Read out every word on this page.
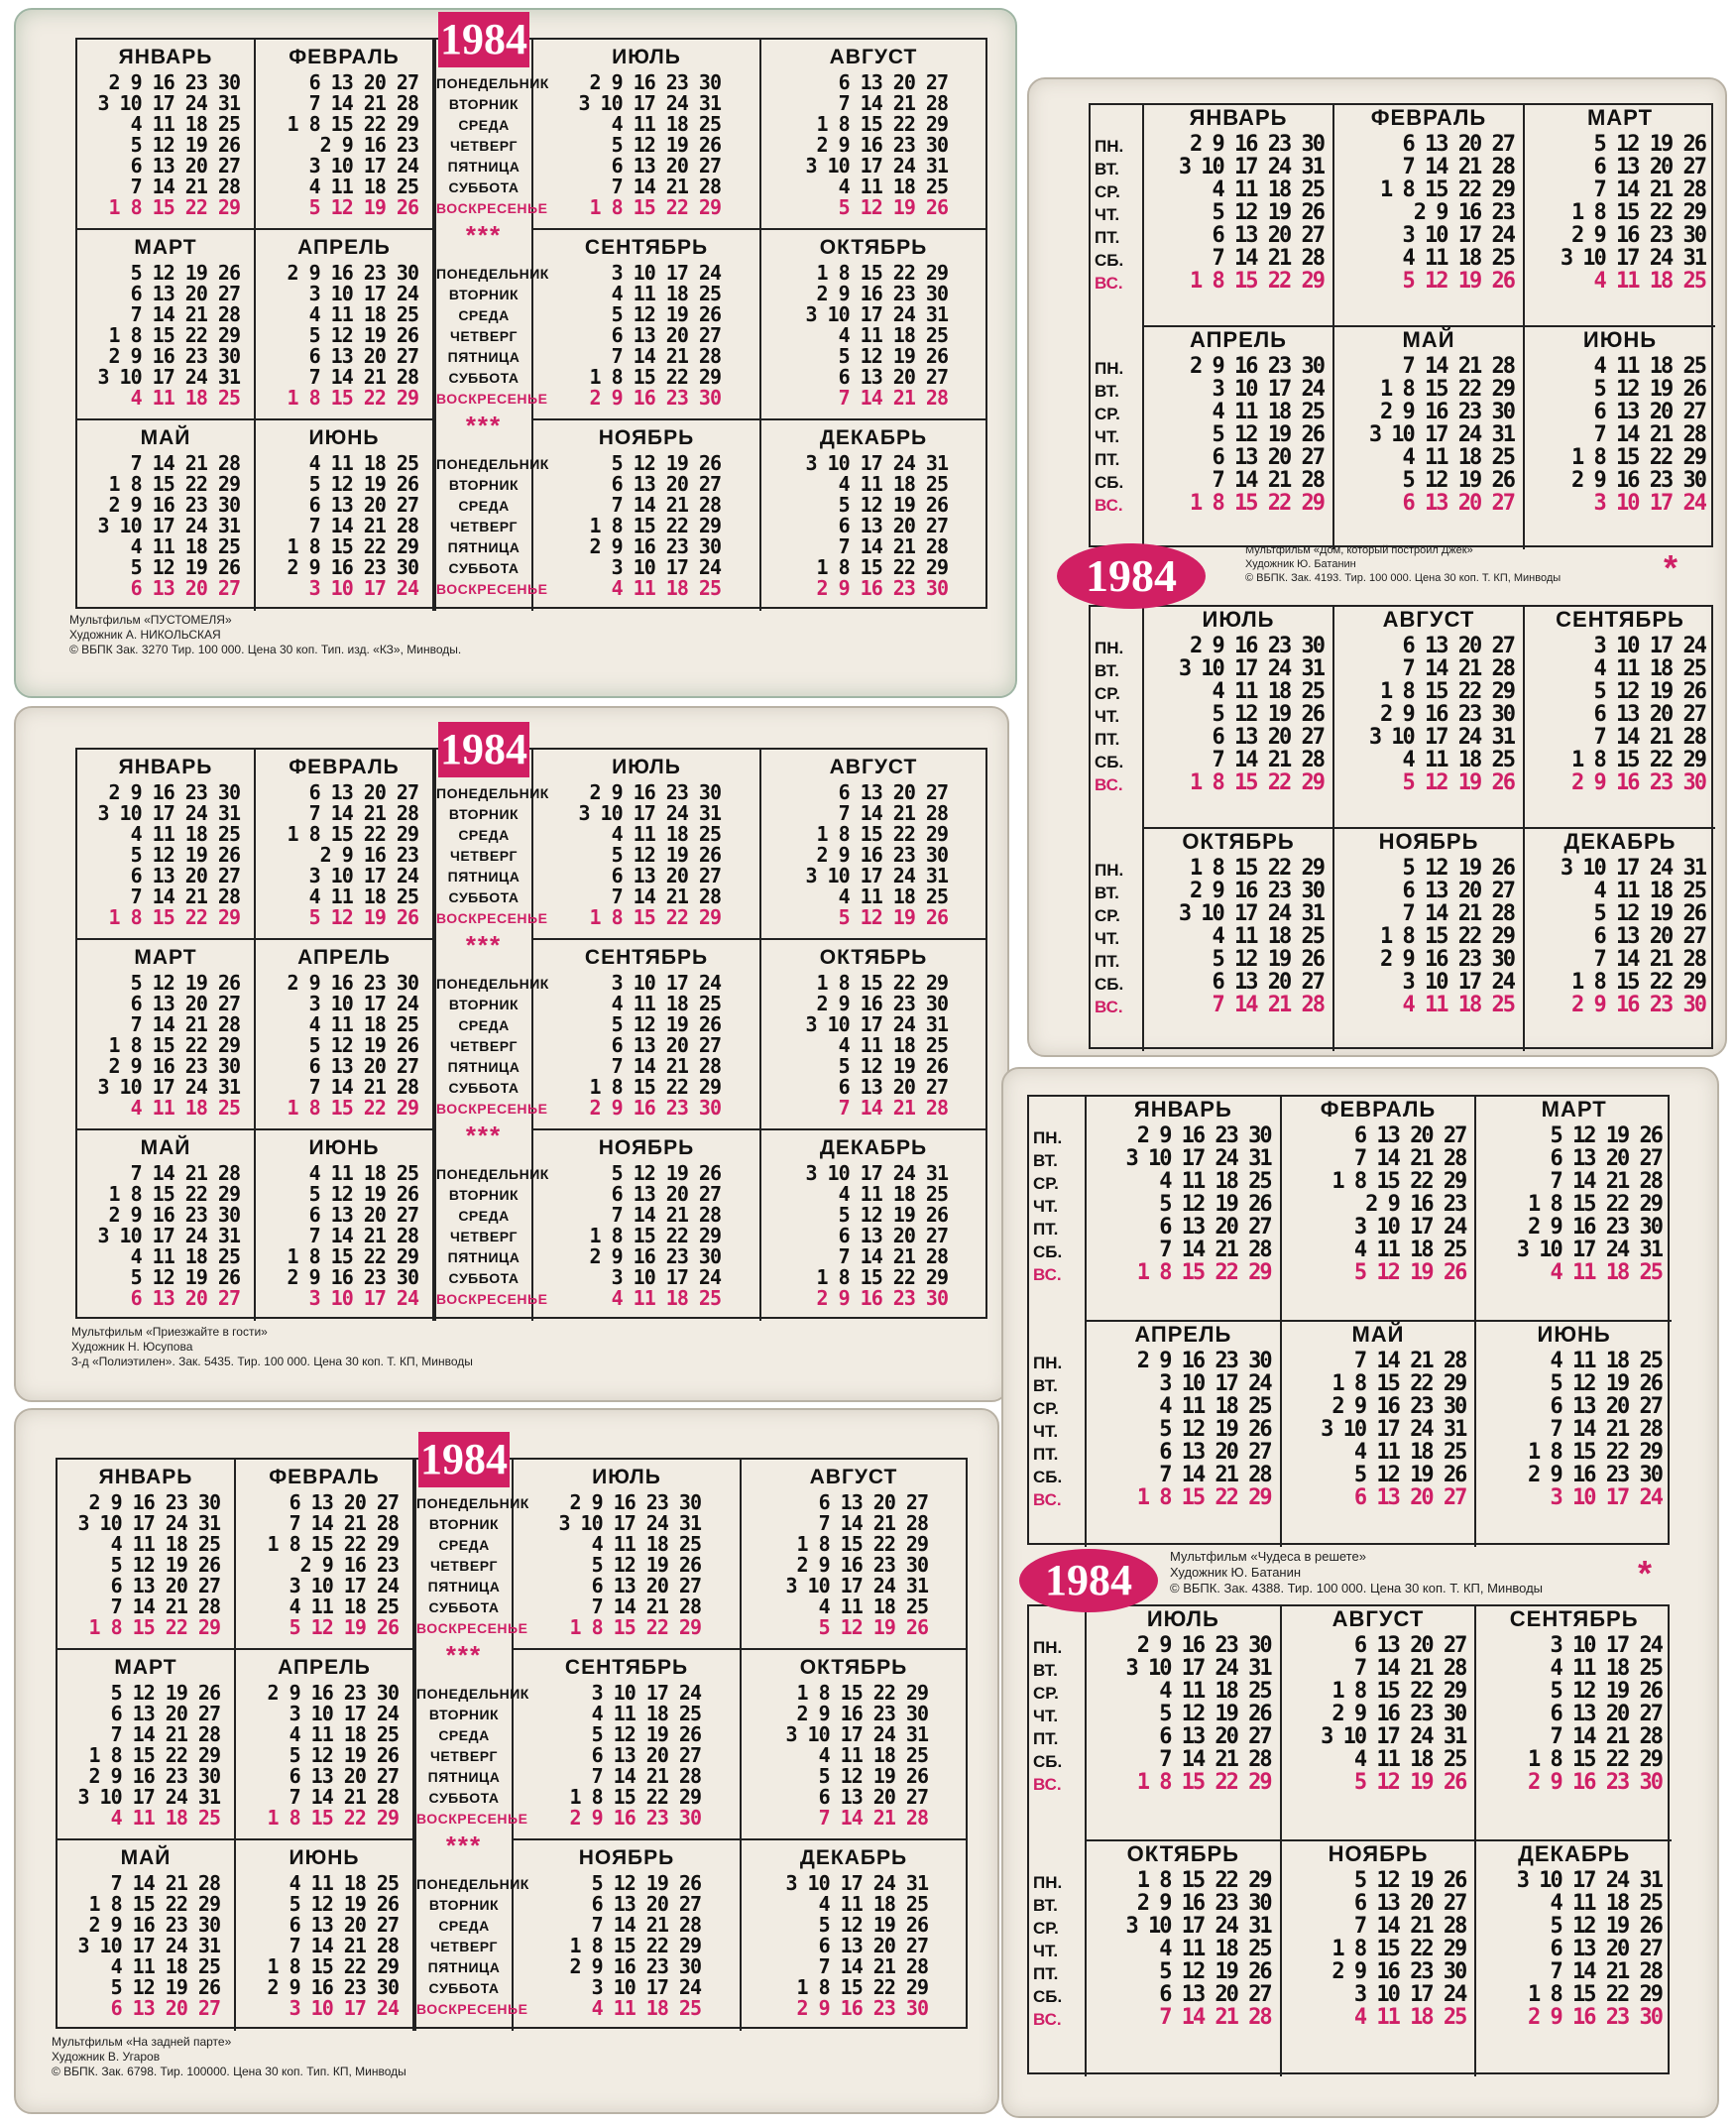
ЯНВАРЬ
2 9 16 23 30
3 10 17 24 31
4 11 18 25
5 12 19 26
6 13 20 27
7 14 21 28
1 8 15 22 29
ФЕВРАЛЬ
6 13 20 27
7 14 21 28
1 8 15 22 29
2 9 16 23
3 10 17 24
4 11 18 25
5 12 19 26
ИЮЛЬ
2 9 16 23 30
3 10 17 24 31
4 11 18 25
5 12 19 26
6 13 20 27
7 14 21 28
1 8 15 22 29
АВГУСТ
6 13 20 27
7 14 21 28
1 8 15 22 29
2 9 16 23 30
3 10 17 24 31
4 11 18 25
5 12 19 26
МАРТ
5 12 19 26
6 13 20 27
7 14 21 28
1 8 15 22 29
2 9 16 23 30
3 10 17 24 31
4 11 18 25
АПРЕЛЬ
2 9 16 23 30
3 10 17 24
4 11 18 25
5 12 19 26
6 13 20 27
7 14 21 28
1 8 15 22 29
СЕНТЯБРЬ
3 10 17 24
4 11 18 25
5 12 19 26
6 13 20 27
7 14 21 28
1 8 15 22 29
2 9 16 23 30
ОКТЯБРЬ
1 8 15 22 29
2 9 16 23 30
3 10 17 24 31
4 11 18 25
5 12 19 26
6 13 20 27
7 14 21 28
МАЙ
7 14 21 28
1 8 15 22 29
2 9 16 23 30
3 10 17 24 31
4 11 18 25
5 12 19 26
6 13 20 27
ИЮНЬ
4 11 18 25
5 12 19 26
6 13 20 27
7 14 21 28
1 8 15 22 29
2 9 16 23 30
3 10 17 24
НОЯБРЬ
5 12 19 26
6 13 20 27
7 14 21 28
1 8 15 22 29
2 9 16 23 30
3 10 17 24
4 11 18 25
ДЕКАБРЬ
3 10 17 24 31
4 11 18 25
5 12 19 26
6 13 20 27
7 14 21 28
1 8 15 22 29
2 9 16 23 30
1984
ПОНЕДЕЛЬНИК
ВТОРНИК
СРЕДА
ЧЕТВЕРГ
ПЯТНИЦА
СУББОТА
ВОСКРЕСЕНЬЕ
***
ПОНЕДЕЛЬНИК
ВТОРНИК
СРЕДА
ЧЕТВЕРГ
ПЯТНИЦА
СУББОТА
ВОСКРЕСЕНЬЕ
***
ПОНЕДЕЛЬНИК
ВТОРНИК
СРЕДА
ЧЕТВЕРГ
ПЯТНИЦА
СУББОТА
ВОСКРЕСЕНЬЕ
Мультфильм «ПУСТОМЕЛЯ»
Художник А. НИКОЛЬСКАЯ
© ВБПК Зак. 3270 Тир. 100 000. Цена 30 коп. Тип. изд. «КЗ», Минводы.
ЯНВАРЬ
2 9 16 23 30
3 10 17 24 31
4 11 18 25
5 12 19 26
6 13 20 27
7 14 21 28
1 8 15 22 29
ФЕВРАЛЬ
6 13 20 27
7 14 21 28
1 8 15 22 29
2 9 16 23
3 10 17 24
4 11 18 25
5 12 19 26
ИЮЛЬ
2 9 16 23 30
3 10 17 24 31
4 11 18 25
5 12 19 26
6 13 20 27
7 14 21 28
1 8 15 22 29
АВГУСТ
6 13 20 27
7 14 21 28
1 8 15 22 29
2 9 16 23 30
3 10 17 24 31
4 11 18 25
5 12 19 26
МАРТ
5 12 19 26
6 13 20 27
7 14 21 28
1 8 15 22 29
2 9 16 23 30
3 10 17 24 31
4 11 18 25
АПРЕЛЬ
2 9 16 23 30
3 10 17 24
4 11 18 25
5 12 19 26
6 13 20 27
7 14 21 28
1 8 15 22 29
СЕНТЯБРЬ
3 10 17 24
4 11 18 25
5 12 19 26
6 13 20 27
7 14 21 28
1 8 15 22 29
2 9 16 23 30
ОКТЯБРЬ
1 8 15 22 29
2 9 16 23 30
3 10 17 24 31
4 11 18 25
5 12 19 26
6 13 20 27
7 14 21 28
МАЙ
7 14 21 28
1 8 15 22 29
2 9 16 23 30
3 10 17 24 31
4 11 18 25
5 12 19 26
6 13 20 27
ИЮНЬ
4 11 18 25
5 12 19 26
6 13 20 27
7 14 21 28
1 8 15 22 29
2 9 16 23 30
3 10 17 24
НОЯБРЬ
5 12 19 26
6 13 20 27
7 14 21 28
1 8 15 22 29
2 9 16 23 30
3 10 17 24
4 11 18 25
ДЕКАБРЬ
3 10 17 24 31
4 11 18 25
5 12 19 26
6 13 20 27
7 14 21 28
1 8 15 22 29
2 9 16 23 30
1984
ПОНЕДЕЛЬНИК
ВТОРНИК
СРЕДА
ЧЕТВЕРГ
ПЯТНИЦА
СУББОТА
ВОСКРЕСЕНЬЕ
***
ПОНЕДЕЛЬНИК
ВТОРНИК
СРЕДА
ЧЕТВЕРГ
ПЯТНИЦА
СУББОТА
ВОСКРЕСЕНЬЕ
***
ПОНЕДЕЛЬНИК
ВТОРНИК
СРЕДА
ЧЕТВЕРГ
ПЯТНИЦА
СУББОТА
ВОСКРЕСЕНЬЕ
Мультфильм «Приезжайте в гости»
Художник Н. Юсупова
3-д «Полиэтилен». Зак. 5435. Тир. 100 000. Цена 30 коп. Т. КП, Минводы
ЯНВАРЬ
2 9 16 23 30
3 10 17 24 31
4 11 18 25
5 12 19 26
6 13 20 27
7 14 21 28
1 8 15 22 29
ФЕВРАЛЬ
6 13 20 27
7 14 21 28
1 8 15 22 29
2 9 16 23
3 10 17 24
4 11 18 25
5 12 19 26
ИЮЛЬ
2 9 16 23 30
3 10 17 24 31
4 11 18 25
5 12 19 26
6 13 20 27
7 14 21 28
1 8 15 22 29
АВГУСТ
6 13 20 27
7 14 21 28
1 8 15 22 29
2 9 16 23 30
3 10 17 24 31
4 11 18 25
5 12 19 26
МАРТ
5 12 19 26
6 13 20 27
7 14 21 28
1 8 15 22 29
2 9 16 23 30
3 10 17 24 31
4 11 18 25
АПРЕЛЬ
2 9 16 23 30
3 10 17 24
4 11 18 25
5 12 19 26
6 13 20 27
7 14 21 28
1 8 15 22 29
СЕНТЯБРЬ
3 10 17 24
4 11 18 25
5 12 19 26
6 13 20 27
7 14 21 28
1 8 15 22 29
2 9 16 23 30
ОКТЯБРЬ
1 8 15 22 29
2 9 16 23 30
3 10 17 24 31
4 11 18 25
5 12 19 26
6 13 20 27
7 14 21 28
МАЙ
7 14 21 28
1 8 15 22 29
2 9 16 23 30
3 10 17 24 31
4 11 18 25
5 12 19 26
6 13 20 27
ИЮНЬ
4 11 18 25
5 12 19 26
6 13 20 27
7 14 21 28
1 8 15 22 29
2 9 16 23 30
3 10 17 24
НОЯБРЬ
5 12 19 26
6 13 20 27
7 14 21 28
1 8 15 22 29
2 9 16 23 30
3 10 17 24
4 11 18 25
ДЕКАБРЬ
3 10 17 24 31
4 11 18 25
5 12 19 26
6 13 20 27
7 14 21 28
1 8 15 22 29
2 9 16 23 30
1984
ПОНЕДЕЛЬНИК
ВТОРНИК
СРЕДА
ЧЕТВЕРГ
ПЯТНИЦА
СУББОТА
ВОСКРЕСЕНЬЕ
***
ПОНЕДЕЛЬНИК
ВТОРНИК
СРЕДА
ЧЕТВЕРГ
ПЯТНИЦА
СУББОТА
ВОСКРЕСЕНЬЕ
***
ПОНЕДЕЛЬНИК
ВТОРНИК
СРЕДА
ЧЕТВЕРГ
ПЯТНИЦА
СУББОТА
ВОСКРЕСЕНЬЕ
Мультфильм «На задней парте»
Художник В. Угаров
© ВБПК. Зак. 6798. Тир. 100000. Цена 30 коп. Тип. КП, Минводы
ПН.
ВТ.
СР.
ЧТ.
ПТ.
СБ.
ВС.
ЯНВАРЬ
2 9 16 23 30
3 10 17 24 31
4 11 18 25
5 12 19 26
6 13 20 27
7 14 21 28
1 8 15 22 29
ФЕВРАЛЬ
6 13 20 27
7 14 21 28
1 8 15 22 29
2 9 16 23
3 10 17 24
4 11 18 25
5 12 19 26
МАРТ
5 12 19 26
6 13 20 27
7 14 21 28
1 8 15 22 29
2 9 16 23 30
3 10 17 24 31
4 11 18 25
ПН.
ВТ.
СР.
ЧТ.
ПТ.
СБ.
ВС.
АПРЕЛЬ
2 9 16 23 30
3 10 17 24
4 11 18 25
5 12 19 26
6 13 20 27
7 14 21 28
1 8 15 22 29
МАЙ
7 14 21 28
1 8 15 22 29
2 9 16 23 30
3 10 17 24 31
4 11 18 25
5 12 19 26
6 13 20 27
ИЮНЬ
4 11 18 25
5 12 19 26
6 13 20 27
7 14 21 28
1 8 15 22 29
2 9 16 23 30
3 10 17 24
ПН.
ВТ.
СР.
ЧТ.
ПТ.
СБ.
ВС.
ИЮЛЬ
2 9 16 23 30
3 10 17 24 31
4 11 18 25
5 12 19 26
6 13 20 27
7 14 21 28
1 8 15 22 29
АВГУСТ
6 13 20 27
7 14 21 28
1 8 15 22 29
2 9 16 23 30
3 10 17 24 31
4 11 18 25
5 12 19 26
СЕНТЯБРЬ
3 10 17 24
4 11 18 25
5 12 19 26
6 13 20 27
7 14 21 28
1 8 15 22 29
2 9 16 23 30
ПН.
ВТ.
СР.
ЧТ.
ПТ.
СБ.
ВС.
ОКТЯБРЬ
1 8 15 22 29
2 9 16 23 30
3 10 17 24 31
4 11 18 25
5 12 19 26
6 13 20 27
7 14 21 28
НОЯБРЬ
5 12 19 26
6 13 20 27
7 14 21 28
1 8 15 22 29
2 9 16 23 30
3 10 17 24
4 11 18 25
ДЕКАБРЬ
3 10 17 24 31
4 11 18 25
5 12 19 26
6 13 20 27
7 14 21 28
1 8 15 22 29
2 9 16 23 30
Мультфильм «Дом, который построил Джек»
Художник Ю. Батанин
© ВБПК. Зак. 4193. Тир. 100 000. Цена 30 коп. Т. КП, Минводы
1984	*
ПН.
ВТ.
СР.
ЧТ.
ПТ.
СБ.
ВС.
ЯНВАРЬ
2 9 16 23 30
3 10 17 24 31
4 11 18 25
5 12 19 26
6 13 20 27
7 14 21 28
1 8 15 22 29
ФЕВРАЛЬ
6 13 20 27
7 14 21 28
1 8 15 22 29
2 9 16 23
3 10 17 24
4 11 18 25
5 12 19 26
МАРТ
5 12 19 26
6 13 20 27
7 14 21 28
1 8 15 22 29
2 9 16 23 30
3 10 17 24 31
4 11 18 25
ПН.
ВТ.
СР.
ЧТ.
ПТ.
СБ.
ВС.
АПРЕЛЬ
2 9 16 23 30
3 10 17 24
4 11 18 25
5 12 19 26
6 13 20 27
7 14 21 28
1 8 15 22 29
МАЙ
7 14 21 28
1 8 15 22 29
2 9 16 23 30
3 10 17 24 31
4 11 18 25
5 12 19 26
6 13 20 27
ИЮНЬ
4 11 18 25
5 12 19 26
6 13 20 27
7 14 21 28
1 8 15 22 29
2 9 16 23 30
3 10 17 24
ПН.
ВТ.
СР.
ЧТ.
ПТ.
СБ.
ВС.
ИЮЛЬ
2 9 16 23 30
3 10 17 24 31
4 11 18 25
5 12 19 26
6 13 20 27
7 14 21 28
1 8 15 22 29
АВГУСТ
6 13 20 27
7 14 21 28
1 8 15 22 29
2 9 16 23 30
3 10 17 24 31
4 11 18 25
5 12 19 26
СЕНТЯБРЬ
3 10 17 24
4 11 18 25
5 12 19 26
6 13 20 27
7 14 21 28
1 8 15 22 29
2 9 16 23 30
ПН.
ВТ.
СР.
ЧТ.
ПТ.
СБ.
ВС.
ОКТЯБРЬ
1 8 15 22 29
2 9 16 23 30
3 10 17 24 31
4 11 18 25
5 12 19 26
6 13 20 27
7 14 21 28
НОЯБРЬ
5 12 19 26
6 13 20 27
7 14 21 28
1 8 15 22 29
2 9 16 23 30
3 10 17 24
4 11 18 25
ДЕКАБРЬ
3 10 17 24 31
4 11 18 25
5 12 19 26
6 13 20 27
7 14 21 28
1 8 15 22 29
2 9 16 23 30
Мультфильм «Чудеса в решете»
Художник Ю. Батанин
© ВБПК. Зак. 4388. Тир. 100 000. Цена 30 коп. Т. КП, Минводы
1984	*
